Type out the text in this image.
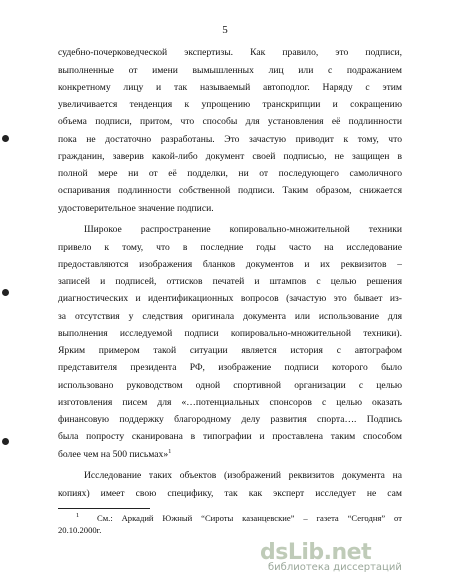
5
судебно-почерковедческой экспертизы. Как правило, это подписи,
выполненные от имени вымышленных лиц или с подражанием
конкретному лицу и так называемый автоподлог. Наряду с этим
увеличивается тенденция к упрощению транскрипции и сокращению
объема подписи, притом, что способы для установления её подлинности
пока не достаточно разработаны. Это зачастую приводит к тому, что
гражданин, заверив какой-либо документ своей подписью, не защищен в
полной мере ни от её подделки, ни от последующего самоличного
оспаривания подлинности собственной подписи. Таким образом, снижается
удостоверительное значение подписи.
Широкое распространение копировально-множительной техники
привело к тому, что в последние годы часто на исследование
предоставляются изображения бланков документов и их реквизитов –
записей и подписей, оттисков печатей и штампов с целью решения
диагностических и идентификационных вопросов (зачастую это бывает из-
за отсутствия у следствия оригинала документа или использование для
выполнения исследуемой подписи копировально-множительной техники).
Ярким примером такой ситуации является история с автографом
представителя президента РФ, изображение подписи которого было
использовано руководством одной спортивной организации с целью
изготовления писем для «…потенциальных спонсоров с целью оказать
финансовую поддержку благородному делу развития спорта…. Подпись
была попросту сканирована в типографии и проставлена таким способом
более чем на 500 письмах»$^1$
Исследование таких объектов (изображений реквизитов документа на
копиях) имеет свою специфику, так как эксперт исследует не сам
$^1$ См.: Аркадий Южный “Сироты казанцевские” – газета “Сегодня” от
20.10.2000г.
dsLib.net
библиотека диссертаций
